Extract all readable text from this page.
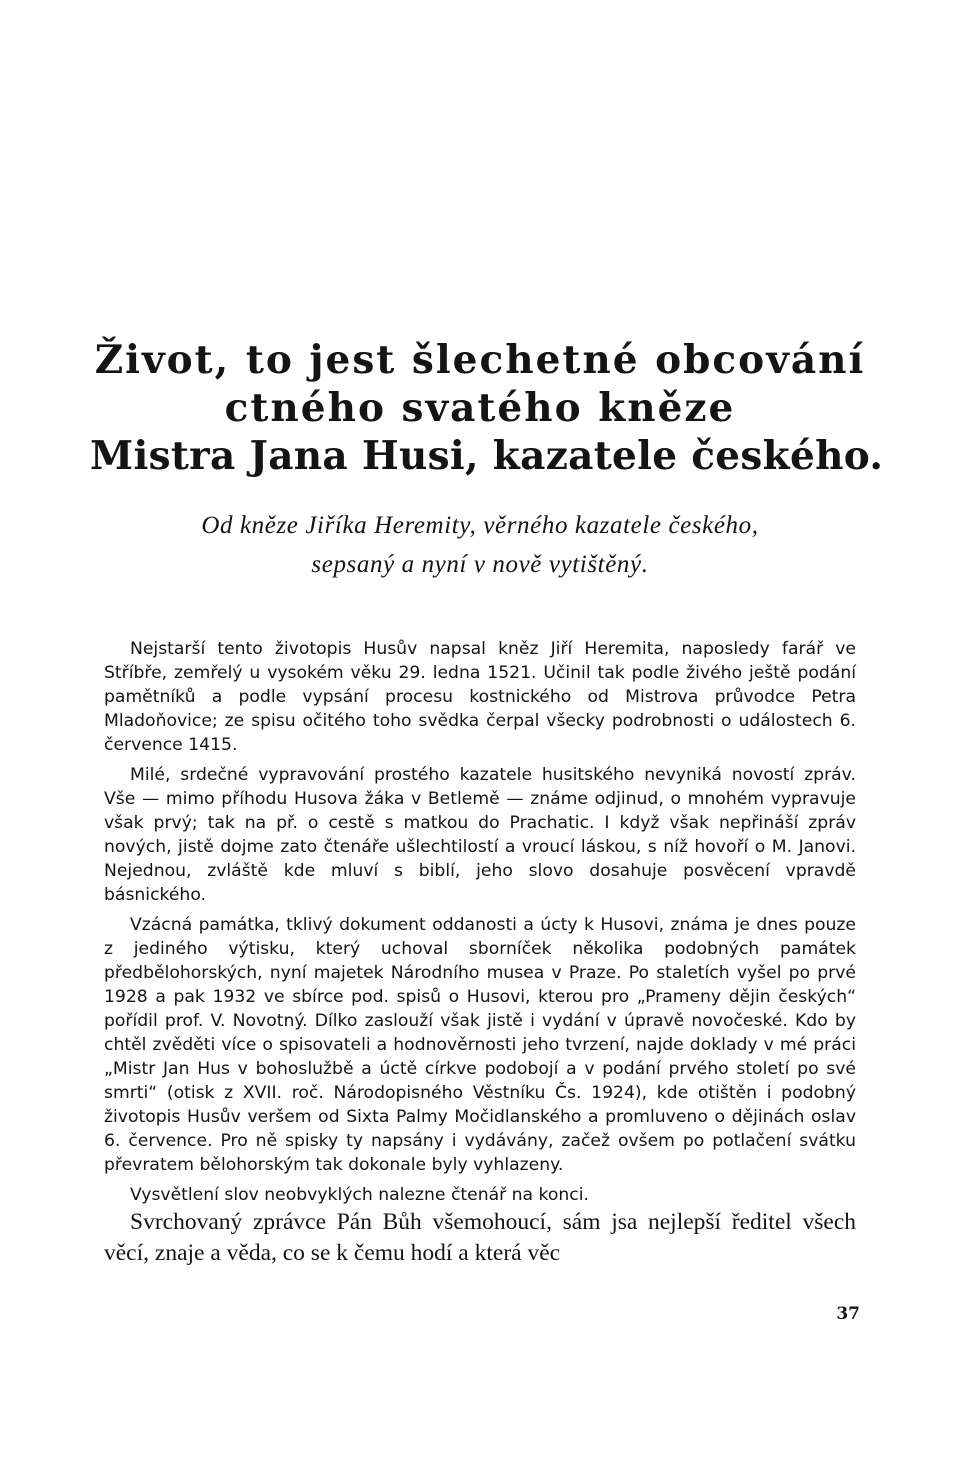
Život, to jest šlechetné obcování
ctného svatého kněze
Mistra Jana Husi, kazatele českého.
Od kněze Jiříka Heremity, věrného kazatele českého,
sepsaný a nyní v nově vytištěný.

Nejstarší tento životopis Husův napsal kněz Jiří Heremita, naposledy farář ve Stříbře, zemřelý u vysokém věku 29. ledna 1521. Učinil tak podle živého ještě podání pamětníků a podle vypsání procesu kostnického od Mistrova průvodce Petra Mladoňovice; ze spisu očitého toho svědka čerpal všecky podrobnosti o událostech 6. července 1415.

Milé, srdečné vypravování prostého kazatele husitského nevyniká novostí zpráv. Vše — mimo příhodu Husova žáka v Betlemě — známe odjinud, o mnohém vypravuje však prvý; tak na př. o cestě s matkou do Prachatic. I když však nepřináší zpráv nových, jistě dojme zato čtenáře ušlechtilostí a vroucí láskou, s níž hovoří o M. Janovi. Nejednou, zvláště kde mluví s biblí, jeho slovo dosahuje posvěcení vpravdě básnického.

Vzácná památka, tklivý dokument oddanosti a úcty k Husovi, známa je dnes pouze z jediného výtisku, který uchoval sborníček několika podobných památek předbělohorských, nyní majetek Národního musea v Praze. Po staletích vyšel po prvé 1928 a pak 1932 ve sbírce pod. spisů o Husovi, kterou pro „Prameny dějin českých“ pořídil prof. V. Novotný. Dílko zaslouží však jistě i vydání v úpravě novočeské. Kdo by chtěl zvěděti více o spisovateli a hodnověrnosti jeho tvrzení, najde doklady v mé práci „Mistr Jan Hus v bohoslužbě a úctě církve podobojí a v podání prvého století po své smrti“ (otisk z XVII. roč. Národopisného Věstníku Čs. 1924), kde otištěn i podobný životopis Husův veršem od Sixta Palmy Močidlanského a promluveno o dějinách oslav 6. července. Pro ně spisky ty napsány i vydávány, začež ovšem po potlačení svátku převratem bělohorským tak dokonale byly vyhlazeny.

Vysvětlení slov neobvyklých nalezne čtenář na konci.

Svrchovaný zprávce Pán Bůh všemohoucí, sám jsa nejlepší ředitel všech věcí, znaje a věda, co se k čemu hodí a která věc

37
